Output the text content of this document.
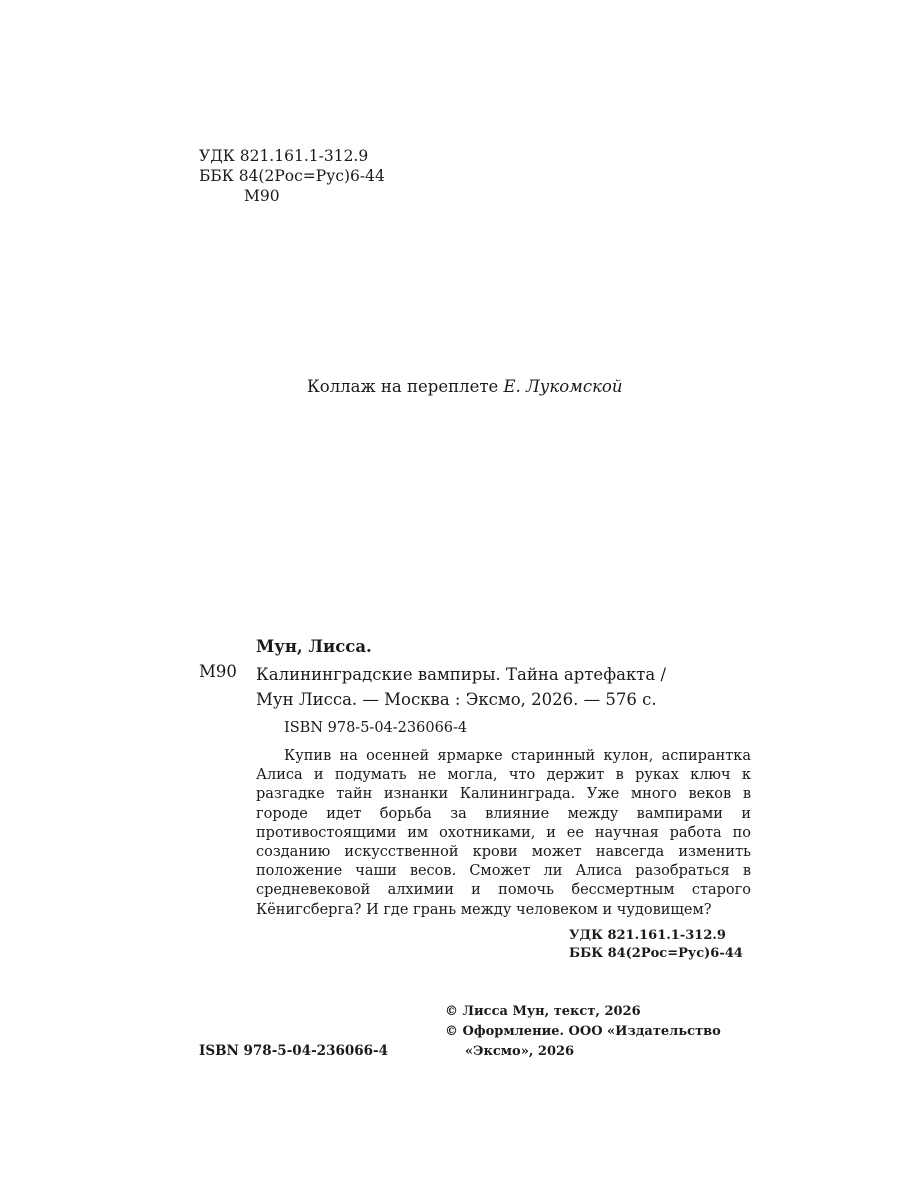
УДК 821.161.1-312.9
ББК 84(2Рос=Рус)6-44
М90
Коллаж на переплете Е. Лукомской
Мун, Лисса.
М90 Калининградские вампиры. Тайна артефакта /
Мун Лисса. — Москва : Эксмо, 2026. — 576 с.
ISBN 978-5-04-236066-4
Купив на осенней ярмарке старинный кулон, аспирантка Алиса и подумать не могла, что держит в руках ключ к разгадке тайн изнанки Калининграда. Уже много веков в городе идет борьба за влияние между вампирами и противостоящими им охотниками, и ее научная работа по созданию искусственной крови может навсегда изменить положение чаши весов. Сможет ли Алиса разобраться в средневековой алхимии и помочь бессмертным старого Кёнигсберга? И где грань между человеком и чудовищем?
УДК 821.161.1-312.9
ББК 84(2Рос=Рус)6-44
© Лисса Мун, текст, 2026
© Оформление. ООО «Издательство
«Эксмо», 2026
ISBN 978-5-04-236066-4
